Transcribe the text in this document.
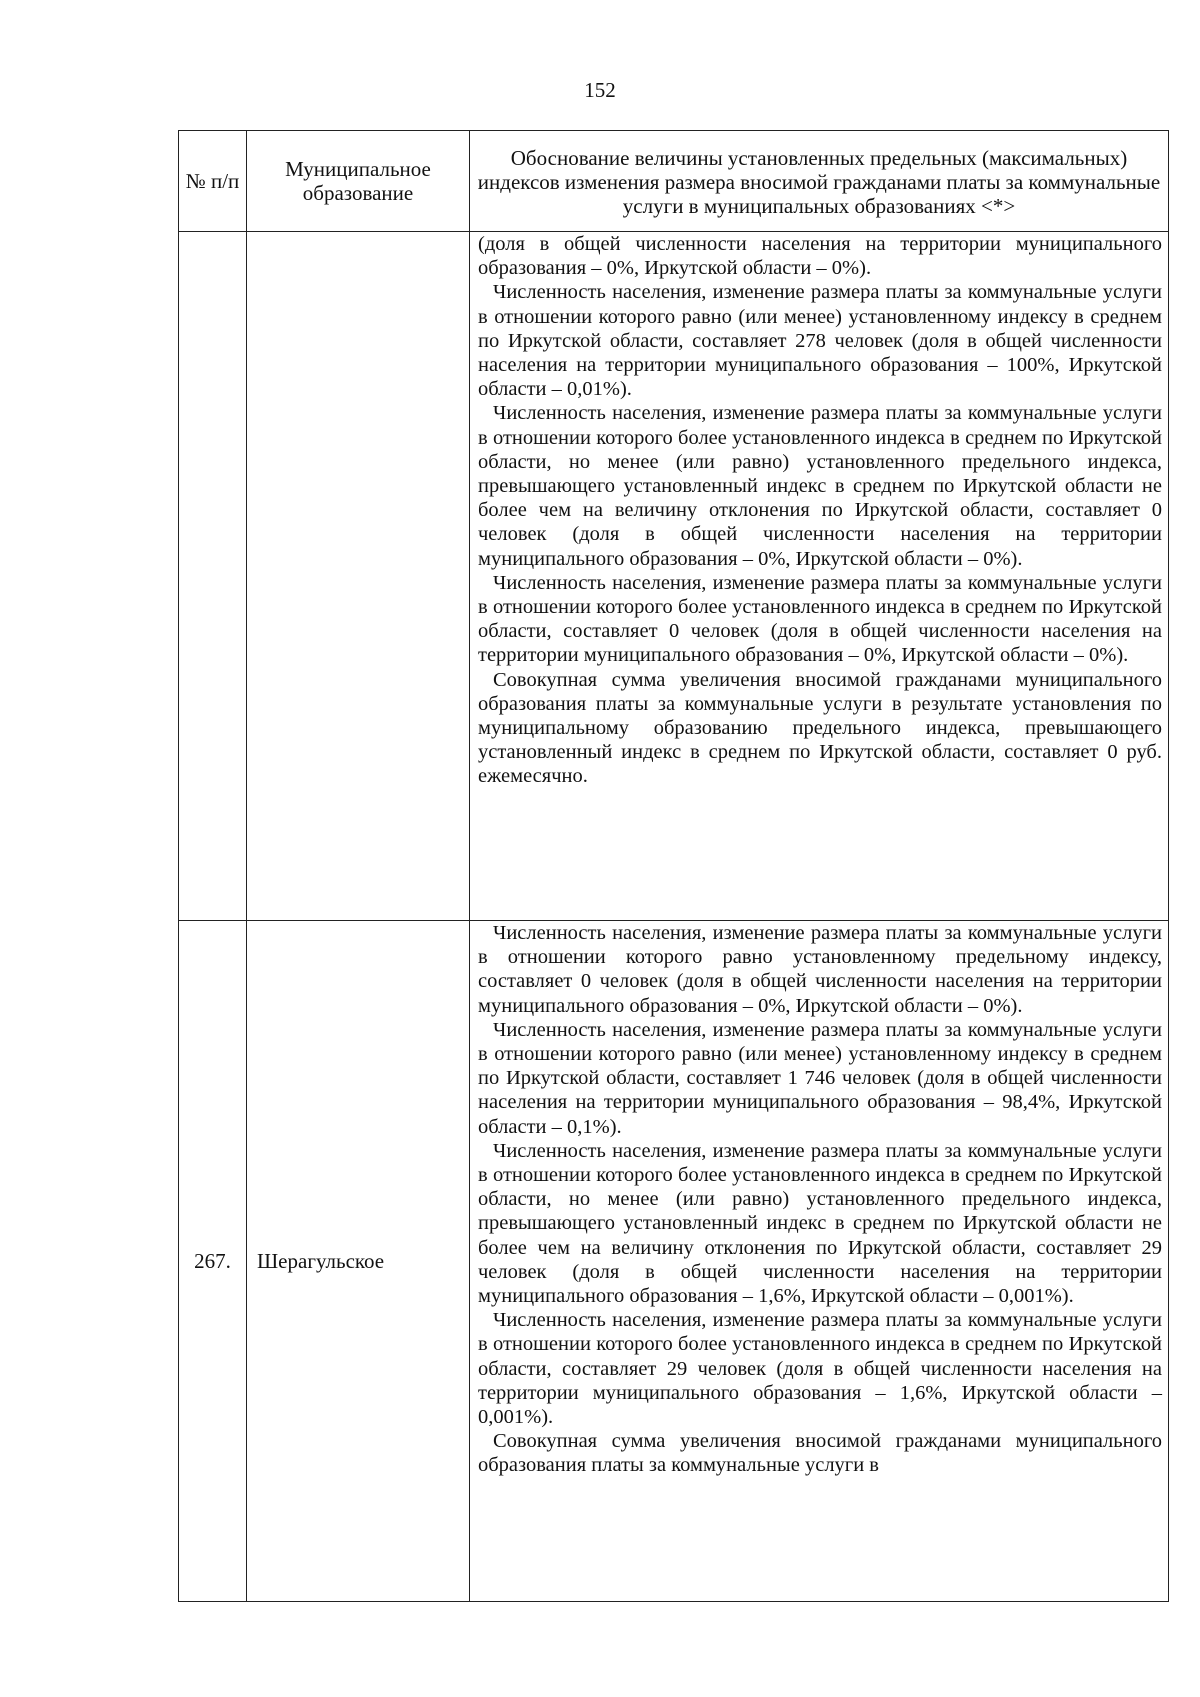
152
№ п/п	Муниципальное образование	Обоснование величины установленных предельных (максимальных) индексов изменения размера вносимой гражданами платы за коммунальные услуги в муниципальных образованиях <*>

		(доля в общей численности населения на территории муниципального образования – 0%, Иркутской области – 0%).

Численность населения, изменение размера платы за коммунальные услуги в отношении которого равно (или менее) установленному индексу в среднем по Иркутской области, составляет 278 человек (доля в общей численности населения на территории муниципального образования – 100%, Иркутской области – 0,01%).

Численность населения, изменение размера платы за коммунальные услуги в отношении которого более установленного индекса в среднем по Иркутской области, но менее (или равно) установленного предельного индекса, превышающего установленный индекс в среднем по Иркутской области не более чем на величину отклонения по Иркутской области, составляет 0 человек (доля в общей численности населения на территории муниципального образования – 0%, Иркутской области – 0%).

Численность населения, изменение размера платы за коммунальные услуги в отношении которого более установленного индекса в среднем по Иркутской области, составляет 0 человек (доля в общей численности населения на территории муниципального образования – 0%, Иркутской области – 0%).

Совокупная сумма увеличения вносимой гражданами муниципального образования платы за коммунальные услуги в результате установления по муниципальному образованию предельного индекса, превышающего установленный индекс в среднем по Иркутской области, составляет 0 руб. ежемесячно.

267.	Шерагульское	Численность населения, изменение размера платы за коммунальные услуги в отношении которого равно установленному предельному индексу, составляет 0 человек (доля в общей численности населения на территории муниципального образования – 0%, Иркутской области – 0%).

Численность населения, изменение размера платы за коммунальные услуги в отношении которого равно (или менее) установленному индексу в среднем по Иркутской области, составляет 1 746 человек (доля в общей численности населения на территории муниципального образования – 98,4%, Иркутской области – 0,1%).

Численность населения, изменение размера платы за коммунальные услуги в отношении которого более установленного индекса в среднем по Иркутской области, но менее (или равно) установленного предельного индекса, превышающего установленный индекс в среднем по Иркутской области не более чем на величину отклонения по Иркутской области, составляет 29 человек (доля в общей численности населения на территории муниципального образования – 1,6%, Иркутской области – 0,001%).

Численность населения, изменение размера платы за коммунальные услуги в отношении которого более установленного индекса в среднем по Иркутской области, составляет 29 человек (доля в общей численности населения на территории муниципального образования – 1,6%, Иркутской области – 0,001%).

Совокупная сумма увеличения вносимой гражданами муниципального образования платы за коммунальные услуги в
